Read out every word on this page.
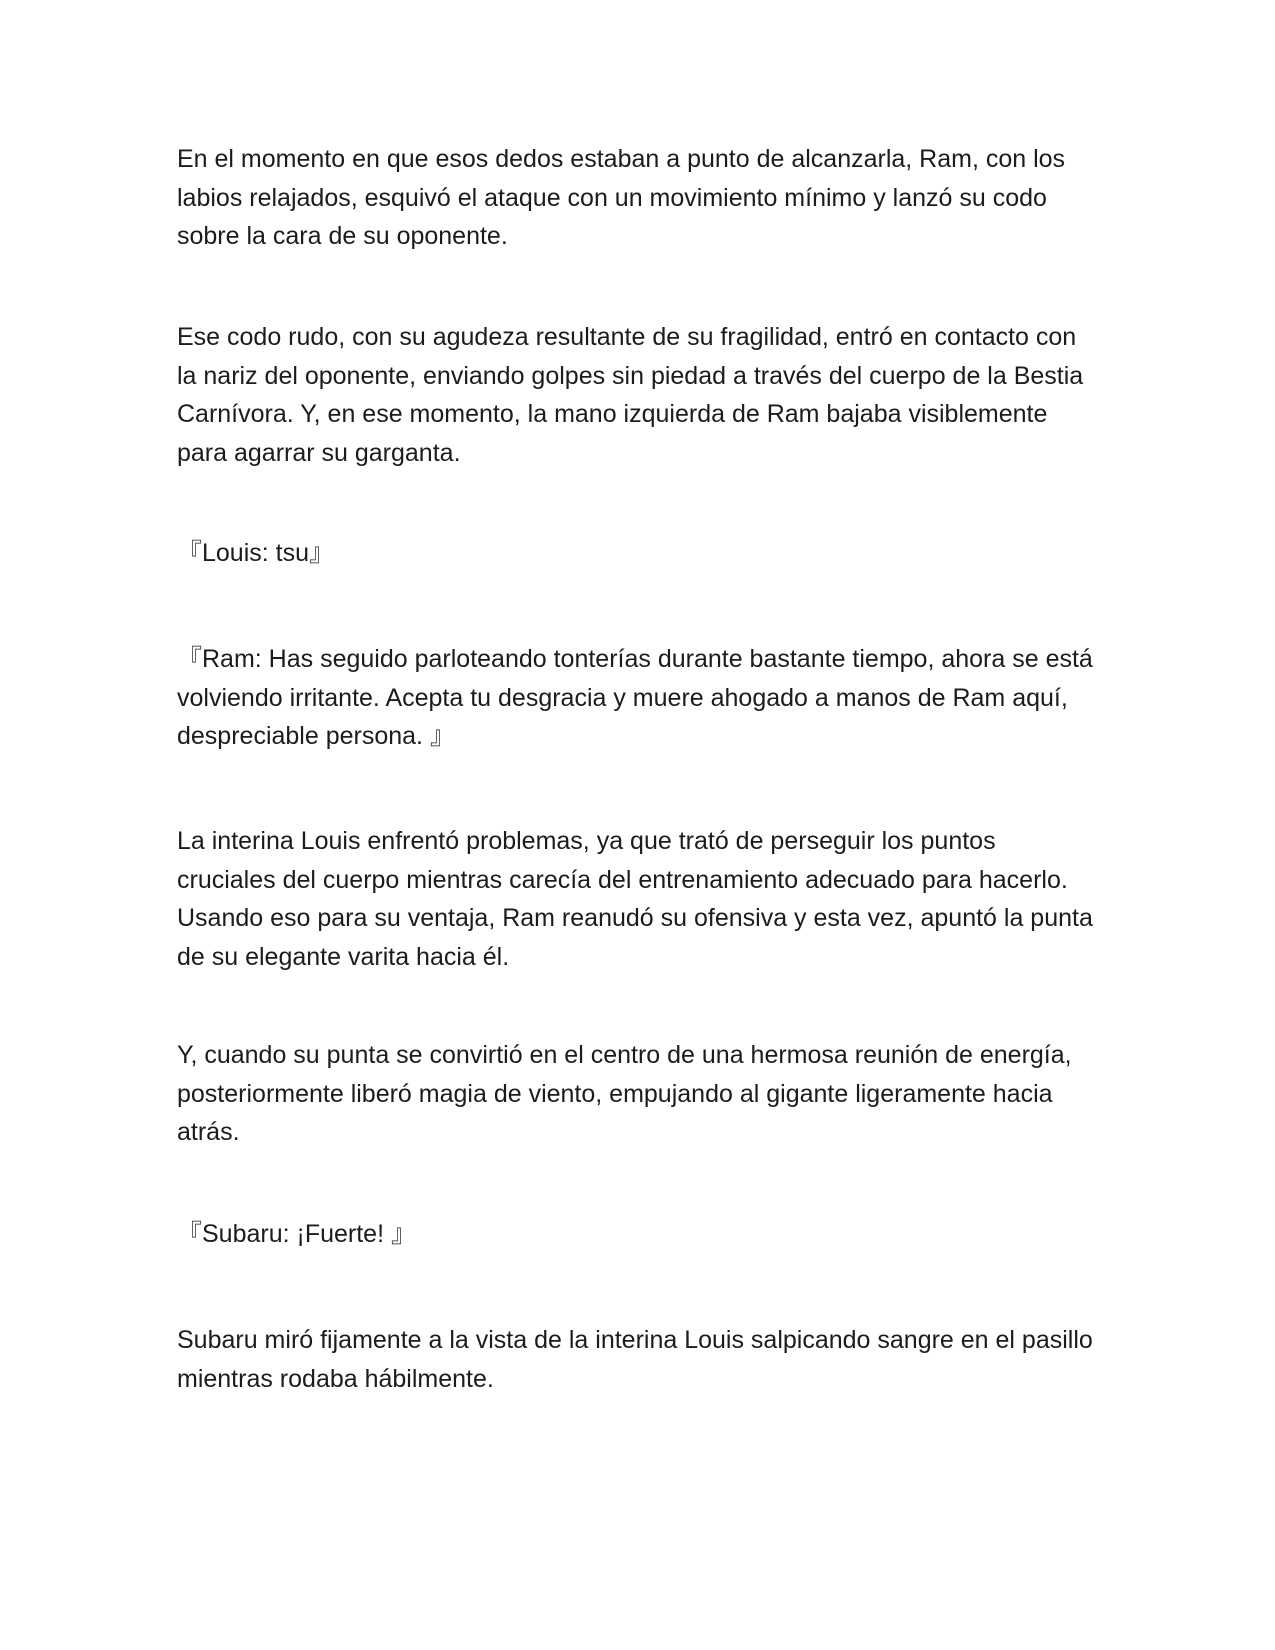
En el momento en que esos dedos estaban a punto de alcanzarla, Ram, con los labios relajados, esquivó el ataque con un movimiento mínimo y lanzó su codo sobre la cara de su oponente.

Ese codo rudo, con su agudeza resultante de su fragilidad, entró en contacto con la nariz del oponente, enviando golpes sin piedad a través del cuerpo de la Bestia Carnívora. Y, en ese momento, la mano izquierda de Ram bajaba visiblemente para agarrar su garganta.

『Louis: tsu』

『Ram: Has seguido parloteando tonterías durante bastante tiempo, ahora se está volviendo irritante. Acepta tu desgracia y muere ahogado a manos de Ram aquí, despreciable persona. 』

La interina Louis enfrentó problemas, ya que trató de perseguir los puntos cruciales del cuerpo mientras carecía del entrenamiento adecuado para hacerlo. Usando eso para su ventaja, Ram reanudó su ofensiva y esta vez, apuntó la punta de su elegante varita hacia él.

Y, cuando su punta se convirtió en el centro de una hermosa reunión de energía, posteriormente liberó magia de viento, empujando al gigante ligeramente hacia atrás.

『Subaru: ¡Fuerte! 』

Subaru miró fijamente a la vista de la interina Louis salpicando sangre en el pasillo mientras rodaba hábilmente.
